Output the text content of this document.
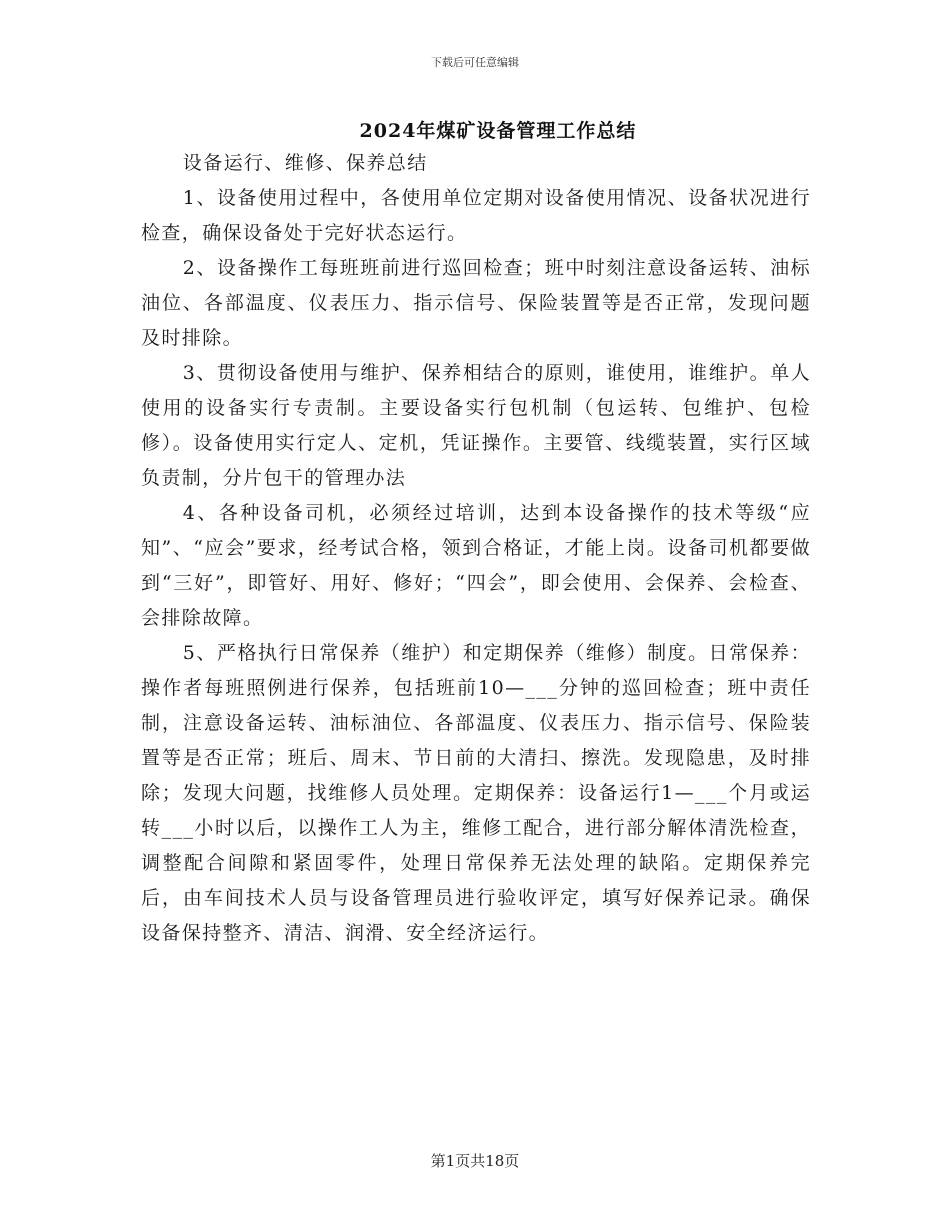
下载后可任意编辑
2024年煤矿设备管理工作总结

设备运行、维修、保养总结

1、设备使用过程中，各使用单位定期对设备使用情况、设备状况进行检查，确保设备处于完好状态运行。

2、设备操作工每班班前进行巡回检查；班中时刻注意设备运转、油标油位、各部温度、仪表压力、指示信号、保险装置等是否正常，发现问题及时排除。

3、贯彻设备使用与维护、保养相结合的原则，谁使用，谁维护。单人使用的设备实行专责制。主要设备实行包机制（包运转、包维护、包检修）。设备使用实行定人、定机，凭证操作。主要管、线缆装置，实行区域负责制，分片包干的管理办法

4、各种设备司机，必须经过培训，达到本设备操作的技术等级“应知”、“应会”要求，经考试合格，领到合格证，才能上岗。设备司机都要做到“三好”，即管好、用好、修好；“四会”，即会使用、会保养、会检查、会排除故障。

5、严格执行日常保养（维护）和定期保养（维修）制度。日常保养：操作者每班照例进行保养，包括班前10—___分钟的巡回检查；班中责任制，注意设备运转、油标油位、各部温度、仪表压力、指示信号、保险装置等是否正常；班后、周末、节日前的大清扫、擦洗。发现隐患，及时排除；发现大问题，找维修人员处理。定期保养：设备运行1—___个月或运转___小时以后，以操作工人为主，维修工配合，进行部分解体清洗检查，调整配合间隙和紧固零件，处理日常保养无法处理的缺陷。定期保养完后，由车间技术人员与设备管理员进行验收评定，填写好保养记录。确保设备保持整齐、清洁、润滑、安全经济运行。

第1页共18页
